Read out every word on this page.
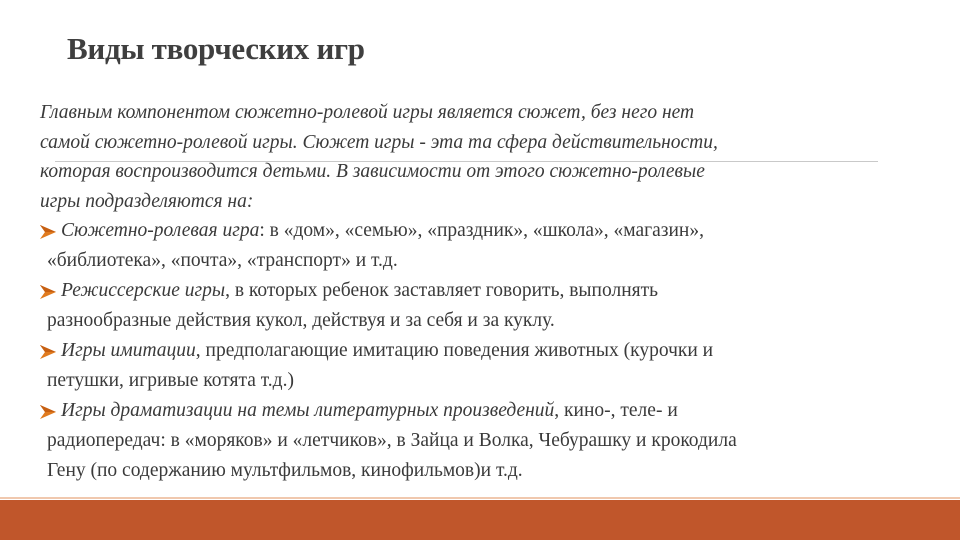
Виды творческих игр
Главным компонентом сюжетно-ролевой игры является сюжет, без него нет
самой сюжетно-ролевой игры. Сюжет игры - эта та сфера действительности,
которая воспроизводится детьми. В зависимости от этого сюжетно-ролевые
игры подразделяются на:
Сюжетно-ролевая игра: в «дом», «семью», «праздник», «школа», «магазин»,
«библиотека», «почта», «транспорт» и т.д.
Режиссерские игры, в которых ребенок заставляет говорить, выполнять
разнообразные действия кукол, действуя и за себя и за куклу.
Игры имитации, предполагающие имитацию поведения животных (курочки и
петушки, игривые котята т.д.)
Игры драматизации на темы литературных произведений, кино-, теле- и
радиопередач: в «моряков» и «летчиков», в Зайца и Волка, Чебурашку и крокодила
Гену (по содержанию мультфильмов, кинофильмов)и т.д.
